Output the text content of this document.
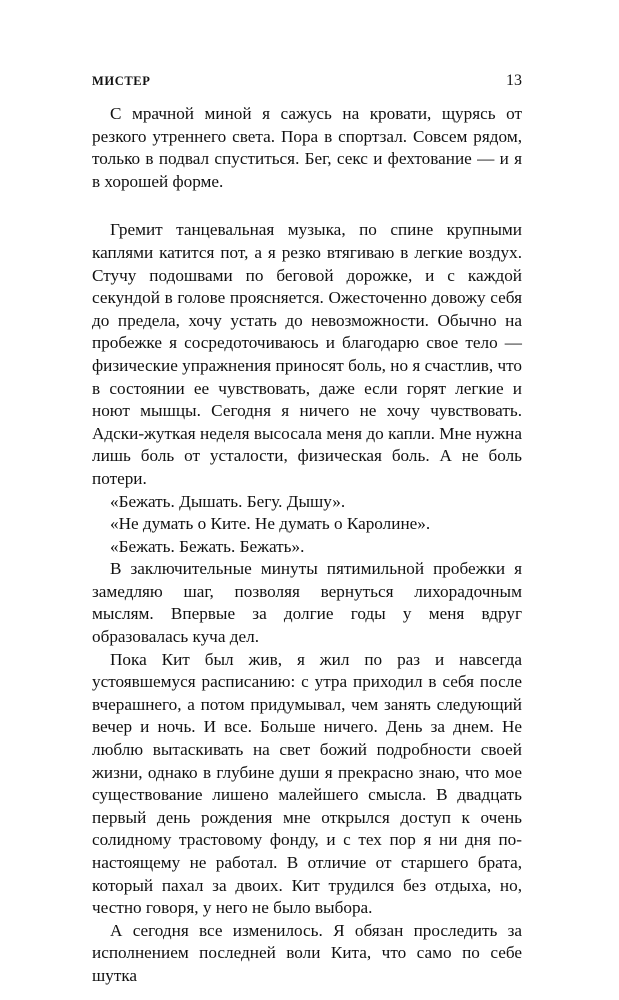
МИСТЕР	13

С мрачной миной я сажусь на кровати, щурясь от резкого утреннего света. Пора в спортзал. Совсем рядом, только в подвал спуститься. Бег, секс и фехтование — и я в хорошей форме.

Гремит танцевальная музыка, по спине крупными каплями катится пот, а я резко втягиваю в легкие воздух. Стучу подошвами по беговой дорожке, и с каждой секундой в голове проясняется. Ожесточенно довожу себя до предела, хочу устать до невозможности. Обычно на пробежке я сосредоточиваюсь и благодарю свое тело — физические упражнения приносят боль, но я счастлив, что в состоянии ее чувствовать, даже если горят легкие и ноют мышцы. Сегодня я ничего не хочу чувствовать. Адски-жуткая неделя высосала меня до капли. Мне нужна лишь боль от усталости, физическая боль. А не боль потери.

«Бежать. Дышать. Бегу. Дышу».

«Не думать о Ките. Не думать о Каролине».

«Бежать. Бежать. Бежать».

В заключительные минуты пятимильной пробежки я замедляю шаг, позволяя вернуться лихорадочным мыслям. Впервые за долгие годы у меня вдруг образовалась куча дел.

Пока Кит был жив, я жил по раз и навсегда устоявшемуся расписанию: с утра приходил в себя после вчерашнего, а потом придумывал, чем занять следующий вечер и ночь. И все. Больше ничего. День за днем. Не люблю вытаскивать на свет божий подробности своей жизни, однако в глубине души я прекрасно знаю, что мое существование лишено малейшего смысла. В двадцать первый день рождения мне открылся доступ к очень солидному трастовому фонду, и с тех пор я ни дня по-настоящему не работал. В отличие от старшего брата, который пахал за двоих. Кит трудился без отдыха, но, честно говоря, у него не было выбора.

А сегодня все изменилось. Я обязан проследить за исполнением последней воли Кита, что само по себе шутка
